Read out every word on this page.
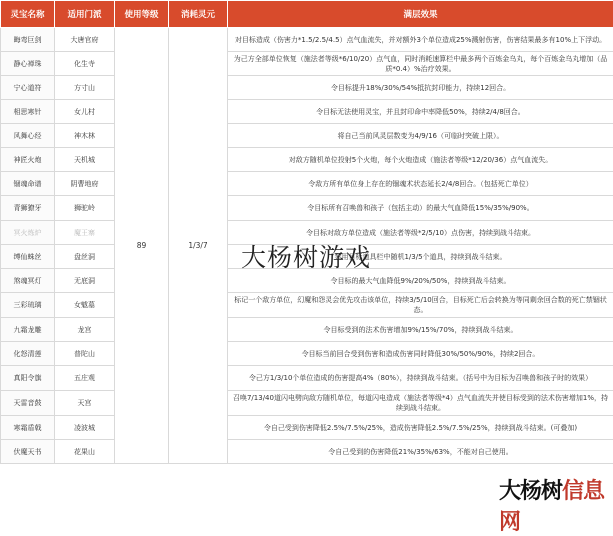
灵宝名称	适用门派	使用等级	消耗灵元	满层效果
晦弯巨剑	大唐官府	89	1/3/7	对目标造成（伤害力*1.5/2.5/4.5）点气血流失，并对额外3个单位造成25%溅射伤害，伤害结果最多有10%上下浮动。
静心禅珠	化生寺			为己方全部单位恢复（施法者等级*6/10/20）点气血，同时消耗速算栏中最多两个百炼金乌丸，每个百炼金乌丸增加（品质*0.4）%治疗效果。
宁心道符	方寸山			令目标提升18%/30%/54%抵抗封印能力，持续12回合。
相思寒针	女儿村			令目标无法使用灵宝，并且封印命中率降低50%，持续2/4/8回合。
风舞心经	神木林			将自己当前风灵层数变为4/9/16（可临时突破上限）。
神匠火炮	天机城			对敌方随机单位投射5个火炮，每个火炮造成（施法者等级*12/20/36）点气血流失。
锢魂命谱	阴曹地府			令敌方所有单位身上存在的锢魂术状态延长2/4/8回合。（包括死亡单位）
青狮獠牙	狮驼岭			令目标所有召唤兽和孩子（包括主动）的最大气血降低15%/35%/90%。
冥火炼炉	魔王寨			令目标对敌方单位造成（施法者等级*2/5/10）点伤害，持续到战斗结束。
缚仙蛛丝	盘丝洞			禁用目标道具栏中随机1/3/5个道具，持续到战斗结束。
煞魂冥灯	无底洞			令目标的最大气血降低9%/20%/50%，持续到战斗结束。
三彩琉璃	女魃墓			标记一个敌方单位，幻魔和怨灵会优先攻击该单位，持续3/5/10回合，目标死亡后会转换为等同剩余回合数的死亡禁锢状态。
九霜龙雕	龙宫			令目标受到的法术伤害增加9%/15%/70%，持续到战斗结束。
化怒清莲	普陀山			令目标当前回合受到伤害和造成伤害同时降低30%/50%/90%，持续2回合。
真阳令旗	五庄观			令己方1/3/10个单位造成的伤害提高4%（80%），持续到战斗结束。（括号中为目标为召唤兽和孩子时的效果）
天雷音鼓	天宫			召唤7/13/40道闪电劈向敌方随机单位，每道闪电造成（施法者等级*4）点气血流失并使目标受到的法术伤害增加1%，持续到战斗结束。
寒霜盾戟	凌波城			令自己受到伤害降低2.5%/7.5%/25%，造成伤害降低2.5%/7.5%/25%，持续到战斗结束。(可叠加)
伏魔天书	花果山			令自己受到的伤害降低21%/35%/63%，不能对自己使用。
大杨树游戏
大杨树信息网
